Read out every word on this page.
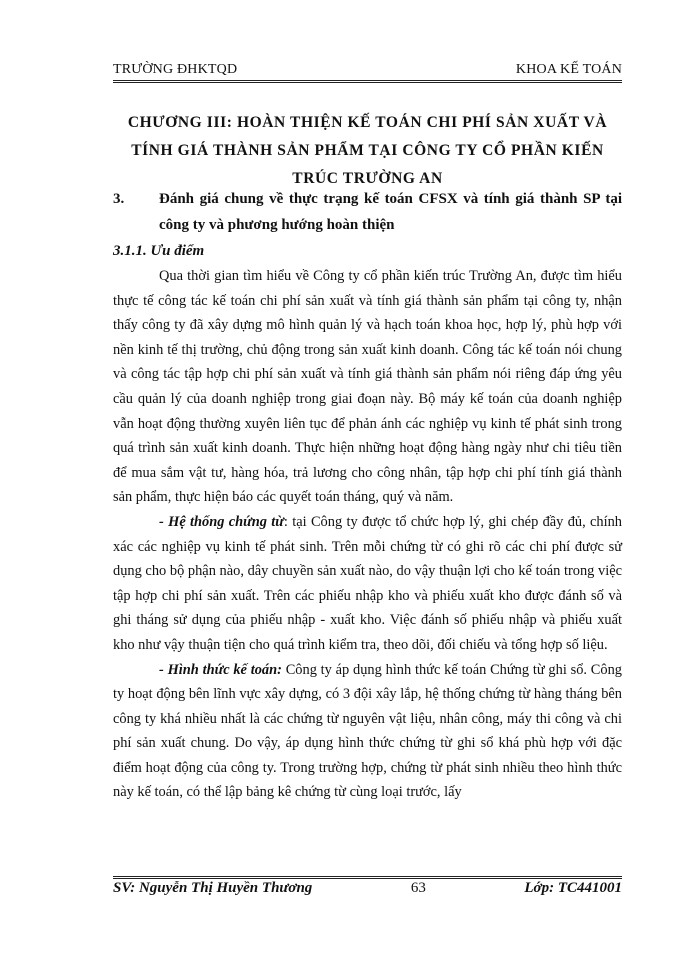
TRƯỜNG ĐHKTQD	KHOA KẾ TOÁN
CHƯƠNG III: HOÀN THIỆN KẾ TOÁN CHI PHÍ SẢN XUẤT VÀ TÍNH GIÁ THÀNH SẢN PHẨM TẠI CÔNG TY CỔ PHẦN KIẾN TRÚC TRƯỜNG AN
3. Đánh giá chung về thực trạng kế toán CFSX và tính giá thành SP tại công ty và phương hướng hoàn thiện
3.1.1. Ưu điểm

Qua thời gian tìm hiểu về Công ty cổ phần kiến trúc Trường An, được tìm hiểu thực tế công tác kế toán chi phí sản xuất và tính giá thành sản phẩm tại công ty, nhận thấy công ty đã xây dựng mô hình quản lý và hạch toán khoa học, hợp lý, phù hợp với nền kinh tế thị trường, chủ động trong sản xuất kinh doanh. Công tác kế toán nói chung và công tác tập hợp chi phí sản xuất và tính giá thành sản phẩm nói riêng đáp ứng yêu cầu quản lý của doanh nghiệp trong giai đoạn này. Bộ máy kế toán của doanh nghiệp vẫn hoạt động thường xuyên liên tục để phản ánh các nghiệp vụ kinh tế phát sinh trong quá trình sản xuất kinh doanh. Thực hiện những hoạt động hàng ngày như chi tiêu tiền để mua sắm vật tư, hàng hóa, trả lương cho công nhân, tập hợp chi phí tính giá thành sản phẩm, thực hiện báo các quyết toán tháng, quý và năm.

- Hệ thống chứng từ: tại Công ty được tổ chức hợp lý, ghi chép đầy đủ, chính xác các nghiệp vụ kinh tế phát sinh. Trên mỗi chứng từ có ghi rõ các chi phí được sử dụng cho bộ phận nào, dây chuyền sản xuất nào, do vậy thuận lợi cho kế toán trong việc tập hợp chi phí sản xuất. Trên các phiếu nhập kho và phiếu xuất kho được đánh số và ghi tháng sử dụng của phiếu nhập - xuất kho. Việc đánh số phiếu nhập và phiếu xuất kho như vậy thuận tiện cho quá trình kiểm tra, theo dõi, đối chiếu và tổng hợp số liệu.

- Hình thức kế toán: Công ty áp dụng hình thức kế toán Chứng từ ghi sổ. Công ty hoạt động bên lĩnh vực xây dựng, có 3 đội xây lắp, hệ thống chứng từ hàng tháng bên công ty khá nhiều nhất là các chứng từ nguyên vật liệu, nhân công, máy thi công và chi phí sản xuất chung. Do vậy, áp dụng hình thức chứng từ ghi sổ khá phù hợp với đặc điểm hoạt động của công ty. Trong trường hợp, chứng từ phát sinh nhiều theo hình thức này kế toán, có thể lập bảng kê chứng từ cùng loại trước, lấy

SV: Nguyễn Thị Huyền Thương	63	Lớp: TC441001
